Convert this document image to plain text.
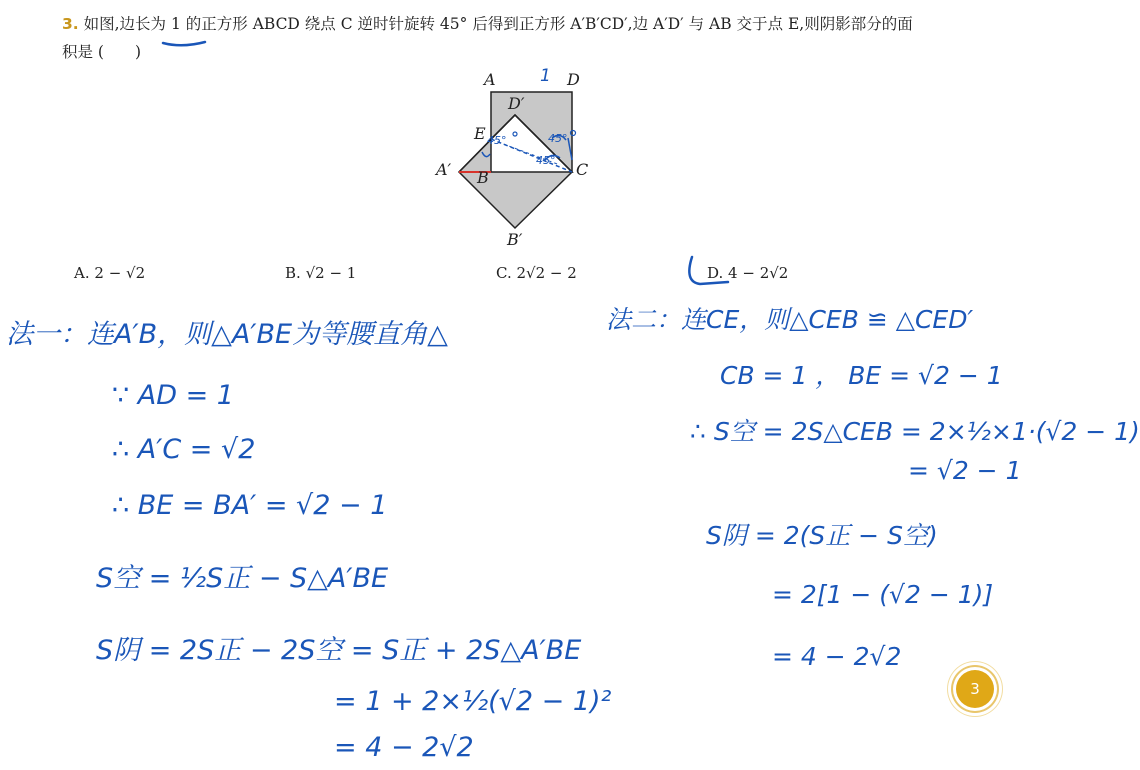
3. 如图,边长为 1 的正方形 ABCD 绕点 C 逆时针旋转 45° 后得到正方形 A′B′CD′,边 A′D′ 与 AB 交于点 E,则阴影部分的面
积是 (　　)
A	D
D′
E
A′ B	C
B′
1
45°
45°
45°
A. 2 − √2	B. √2 − 1	C. 2√2 − 2	D. 4 − 2√2
法一：连A′B，则△A′BE为等腰直角△
∵ AD = 1
∴ A′C = √2
∴ BE = BA′ = √2 − 1
S空 = ½S正 − S△A′BE
S阴 = 2S正 − 2S空 = S正 + 2S△A′BE
= 1 + 2×½(√2 − 1)²
= 4 − 2√2
法二：连CE，则△CEB ≌ △CED′
CB = 1 ， BE = √2 − 1
∴ S空 = 2S△CEB = 2×½×1·(√2 − 1)
= √2 − 1
S阴 = 2(S正 − S空)
= 2[1 − (√2 − 1)]
= 4 − 2√2
3
